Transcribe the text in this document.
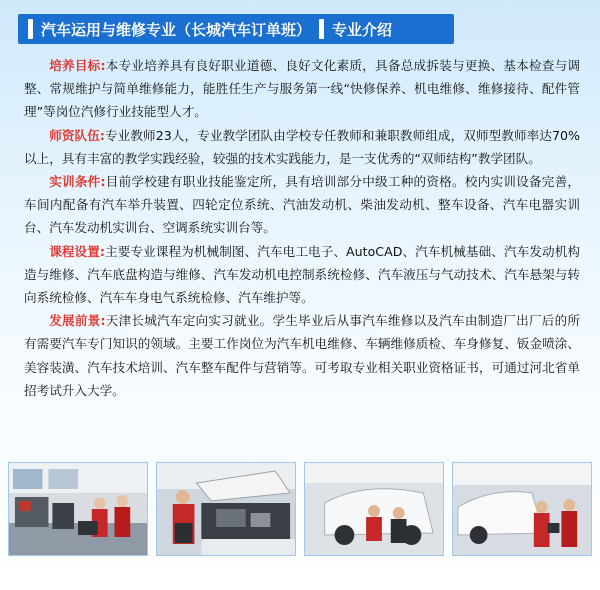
汽车运用与维修专业（长城汽车订单班） 专业介绍

培养目标:本专业培养具有良好职业道德、良好文化素质，具备总成拆装与更换、基本检查与调整、常规维护与简单维修能力，能胜任生产与服务第一线“快修保养、机电维修、维修接待、配件管理”等岗位汽修行业技能型人才。

师资队伍:专业教师23人，专业教学团队由学校专任教师和兼职教师组成，双师型教师率达70%以上，具有丰富的教学实践经验，较强的技术实践能力，是一支优秀的“双师结构”教学团队。

实训条件:目前学校建有职业技能鉴定所，具有培训部分中级工种的资格。校内实训设备完善，车间内配备有汽车举升装置、四轮定位系统、汽油发动机、柴油发动机、整车设备、汽车电器实训台、汽车发动机实训台、空调系统实训台等。

课程设置:主要专业课程为机械制图、汽车电工电子、AutoCAD、汽车机械基础、汽车发动机构造与维修、汽车底盘构造与维修、汽车发动机电控制系统检修、汽车液压与气动技术、汽车悬架与转向系统检修、汽车车身电气系统检修、汽车维护等。

发展前景:天津长城汽车定向实习就业。学生毕业后从事汽车维修以及汽车由制造厂出厂后的所有需要汽车专门知识的领域。主要工作岗位为汽车机电维修、车辆维修质检、车身修复、钣金喷涂、美容装潢、汽车技术培训、汽车整车配件与营销等。可考取专业相关职业资格证书，可通过河北省单招考试升入大学。
